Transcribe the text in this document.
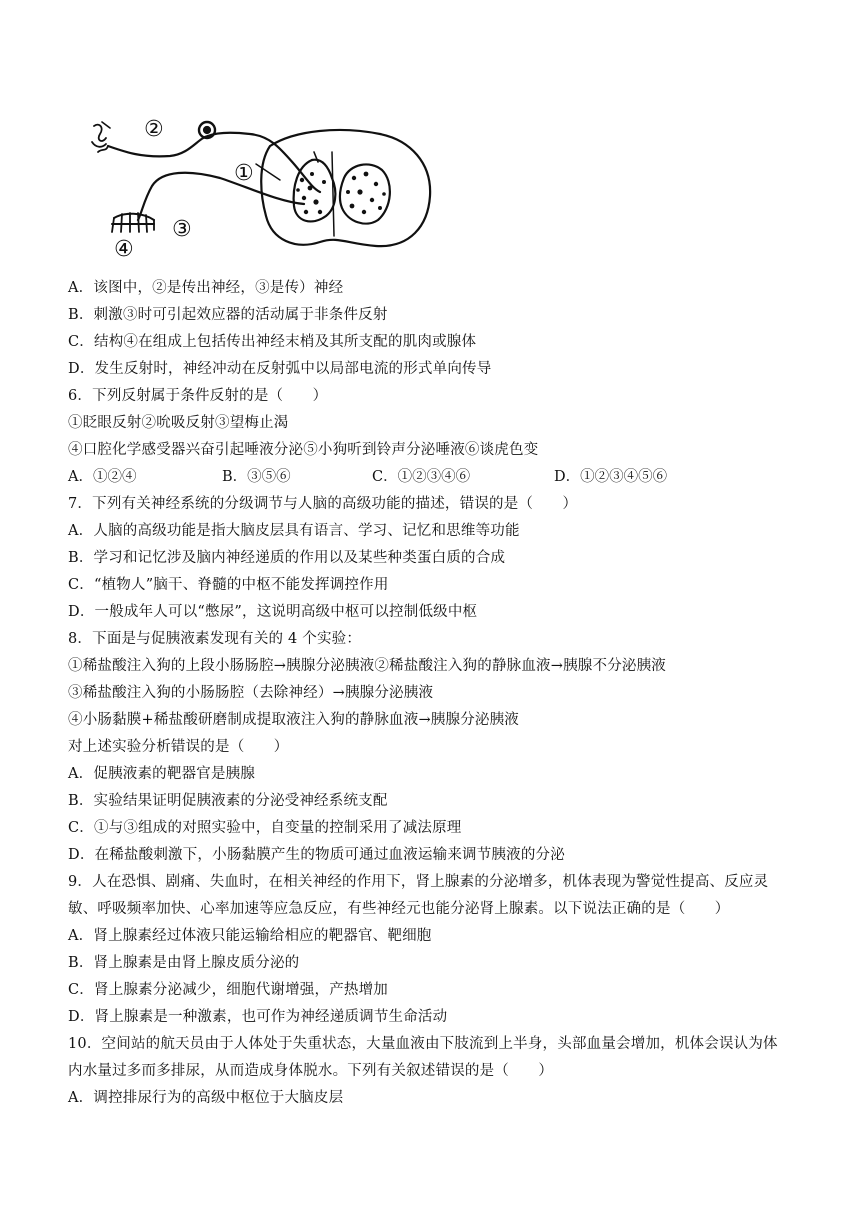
②
①
③
④
A．该图中，②是传出神经，③是传）神经
B．刺激③时可引起效应器的活动属于非条件反射
C．结构④在组成上包括传出神经末梢及其所支配的肌肉或腺体
D．发生反射时，神经冲动在反射弧中以局部电流的形式单向传导
6．下列反射属于条件反射的是（　　）
①眨眼反射②吮吸反射③望梅止渴
④口腔化学感受器兴奋引起唾液分泌⑤小狗听到铃声分泌唾液⑥谈虎色变
A．①②④	B．③⑤⑥	C．①②③④⑥	D．①②③④⑤⑥
7．下列有关神经系统的分级调节与人脑的高级功能的描述，错误的是（　　）
A．人脑的高级功能是指大脑皮层具有语言、学习、记忆和思维等功能
B．学习和记忆涉及脑内神经递质的作用以及某些种类蛋白质的合成
C．“植物人”脑干、脊髓的中枢不能发挥调控作用
D．一般成年人可以“憋尿”，这说明高级中枢可以控制低级中枢
8．下面是与促胰液素发现有关的 4 个实验：
①稀盐酸注入狗的上段小肠肠腔→胰腺分泌胰液②稀盐酸注入狗的静脉血液→胰腺不分泌胰液
③稀盐酸注入狗的小肠肠腔（去除神经）→胰腺分泌胰液
④小肠黏膜+稀盐酸研磨制成提取液注入狗的静脉血液→胰腺分泌胰液
对上述实验分析错误的是（　　）
A．促胰液素的靶器官是胰腺
B．实验结果证明促胰液素的分泌受神经系统支配
C．①与③组成的对照实验中，自变量的控制采用了减法原理
D．在稀盐酸刺激下，小肠黏膜产生的物质可通过血液运输来调节胰液的分泌
9．人在恐惧、剧痛、失血时，在相关神经的作用下，肾上腺素的分泌增多，机体表现为警觉性提高、反应灵
敏、呼吸频率加快、心率加速等应急反应，有些神经元也能分泌肾上腺素。以下说法正确的是（　　）
A．肾上腺素经过体液只能运输给相应的靶器官、靶细胞
B．肾上腺素是由肾上腺皮质分泌的
C．肾上腺素分泌减少，细胞代谢增强，产热增加
D．肾上腺素是一种激素，也可作为神经递质调节生命活动
10．空间站的航天员由于人体处于失重状态，大量血液由下肢流到上半身，头部血量会增加，机体会误认为体
内水量过多而多排尿，从而造成身体脱水。下列有关叙述错误的是（　　）
A．调控排尿行为的高级中枢位于大脑皮层
